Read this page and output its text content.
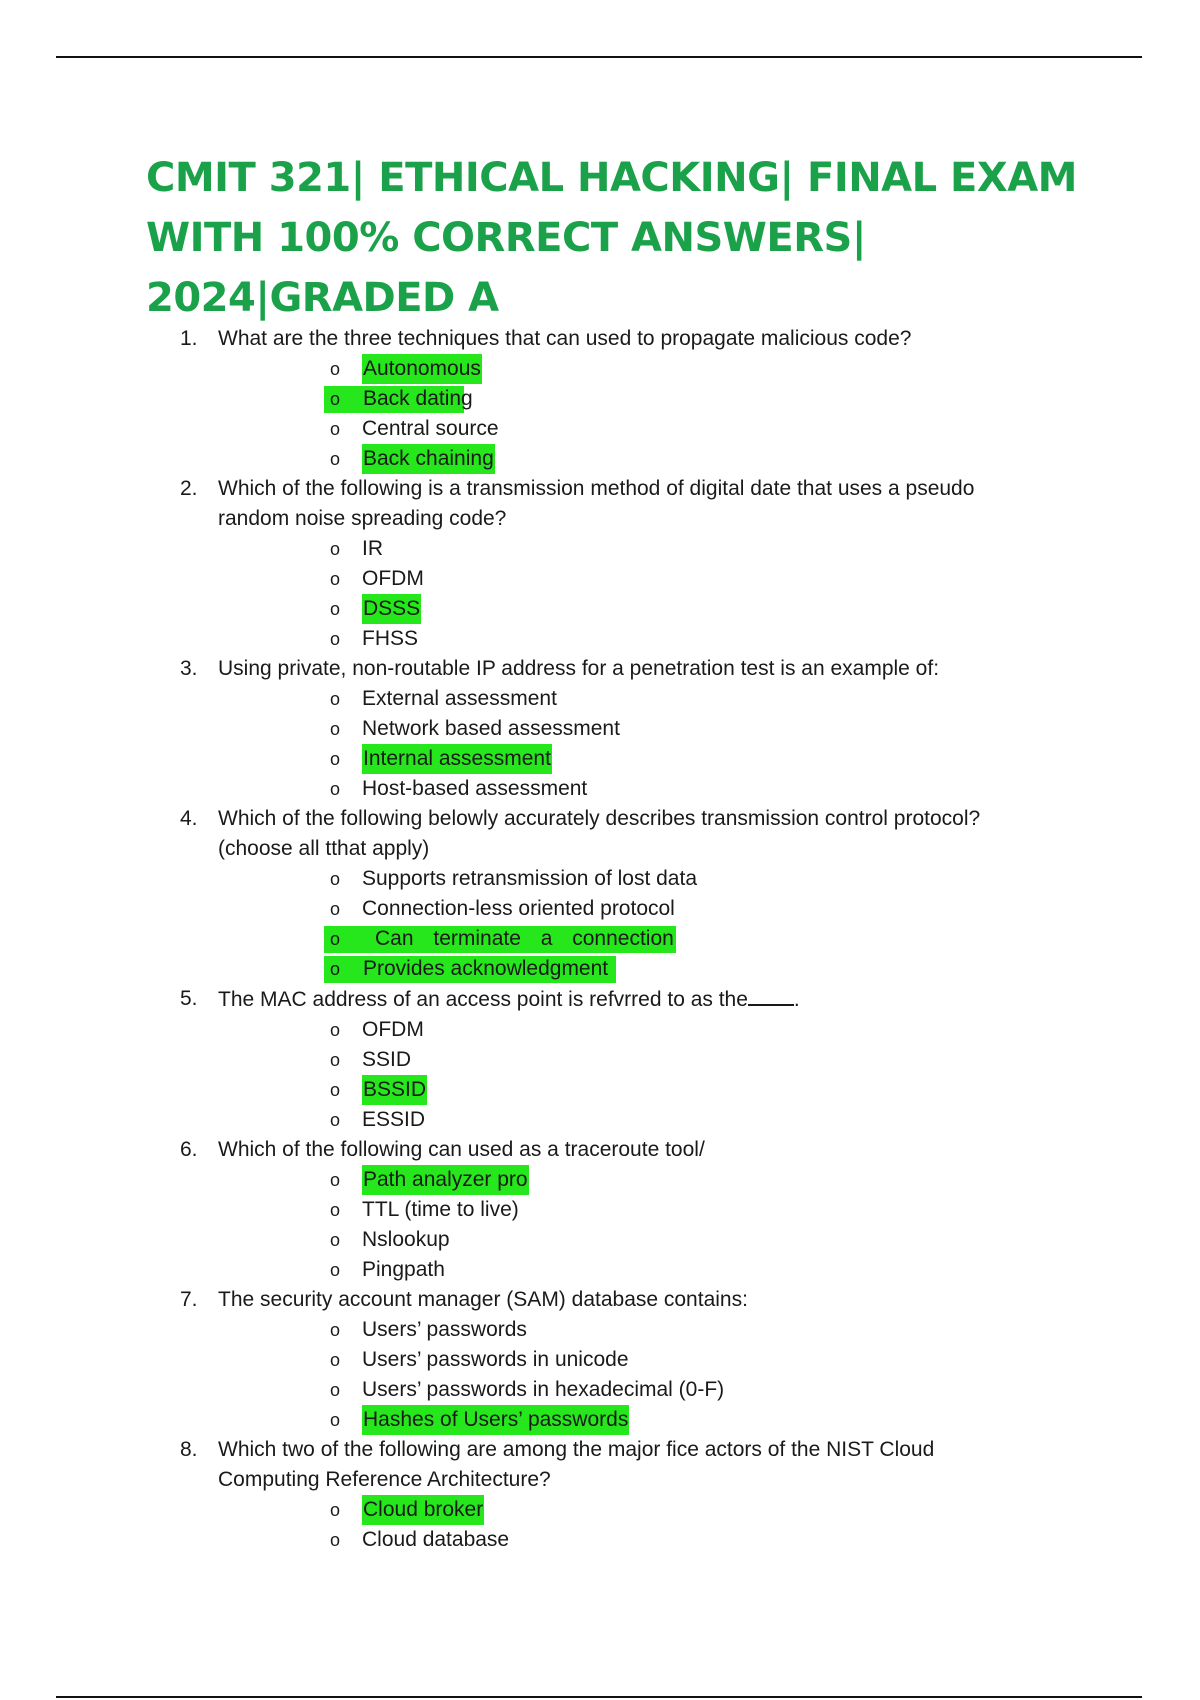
CMIT 321| ETHICAL HACKING| FINAL EXAM
WITH 100% CORRECT ANSWERS|
2024|GRADED A
1. What are the three techniques that can used to propagate malicious code?
o Autonomous
o Back dating
o Central source
o Back chaining
2. Which of the following is a transmission method of digital date that uses a pseudo
random noise spreading code?
o IR
o OFDM
o DSSS
o FHSS
3. Using private, non-routable IP address for a penetration test is an example of:
o External assessment
o Network based assessment
o Internal assessment
o Host-based assessment
4. Which of the following belowly accurately describes transmission control protocol?
(choose all tthat apply)
o Supports retransmission of lost data
o Connection-less oriented protocol
o Can terminate a connection
o Provides acknowledgment
5. The MAC address of an access point is refvrred to as the .
o OFDM
o SSID
o BSSID
o ESSID
6. Which of the following can used as a traceroute tool/
o Path analyzer pro
o TTL (time to live)
o Nslookup
o Pingpath
7. The security account manager (SAM) database contains:
o Users’ passwords
o Users’ passwords in unicode
o Users’ passwords in hexadecimal (0-F)
o Hashes of Users’ passwords
8. Which two of the following are among the major fice actors of the NIST Cloud
Computing Reference Architecture?
o Cloud broker
o Cloud database
